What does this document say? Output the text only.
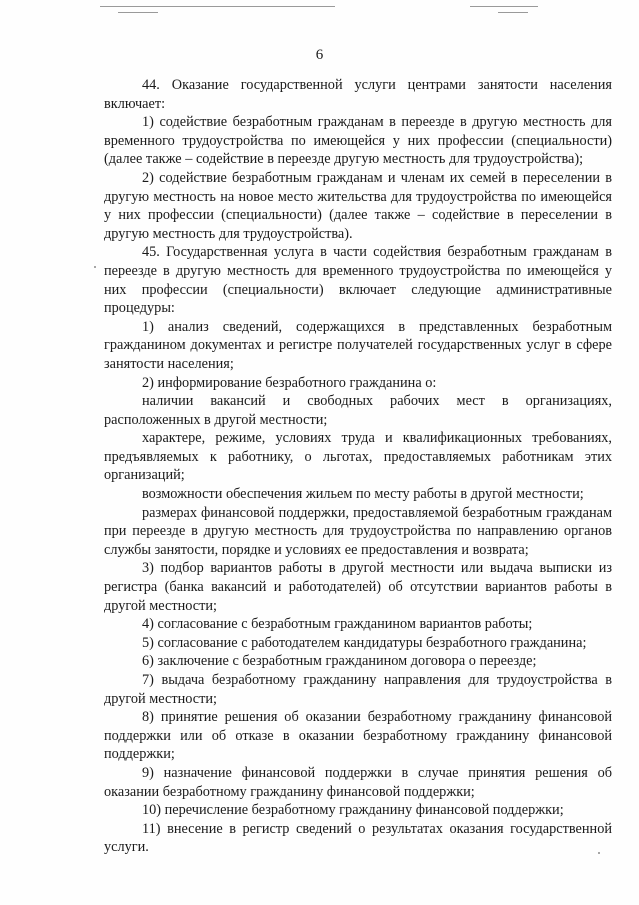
6

44. Оказание государственной услуги центрами занятости населения включает:

1) содействие безработным гражданам в переезде в другую местность для временного трудоустройства по имеющейся у них профессии (специальности) (далее также – содействие в переезде другую местность для трудоустройства);

2) содействие безработным гражданам и членам их семей в переселении в другую местность на новое место жительства для трудоустройства по имеющейся у них профессии (специальности) (далее также – содействие в переселении в другую местность для трудоустройства).

45. Государственная услуга в части содействия безработным гражданам в переезде в другую местность для временного трудоустройства по имеющейся у них профессии (специальности) включает следующие административные процедуры:

1) анализ сведений, содержащихся в представленных безработным гражданином документах и регистре получателей государственных услуг в сфере занятости населения;

2) информирование безработного гражданина о:

наличии вакансий и свободных рабочих мест в организациях, расположенных в другой местности;

характере, режиме, условиях труда и квалификационных требованиях, предъявляемых к работнику, о льготах, предоставляемых работникам этих организаций;

возможности обеспечения жильем по месту работы в другой местности;

размерах финансовой поддержки, предоставляемой безработным гражданам при переезде в другую местность для трудоустройства по направлению органов службы занятости, порядке и условиях ее предоставления и возврата;

3) подбор вариантов работы в другой местности или выдача выписки из регистра (банка вакансий и работодателей) об отсутствии вариантов работы в другой местности;

4) согласование с безработным гражданином вариантов работы;

5) согласование с работодателем кандидатуры безработного гражданина;

6) заключение с безработным гражданином договора о переезде;

7) выдача безработному гражданину направления для трудоустройства в другой местности;

8) принятие решения об оказании безработному гражданину финансовой поддержки или об отказе в оказании безработному гражданину финансовой поддержки;

9) назначение финансовой поддержки в случае принятия решения об оказании безработному гражданину финансовой поддержки;

10) перечисление безработному гражданину финансовой поддержки;

11) внесение в регистр сведений о результатах оказания государственной услуги.
